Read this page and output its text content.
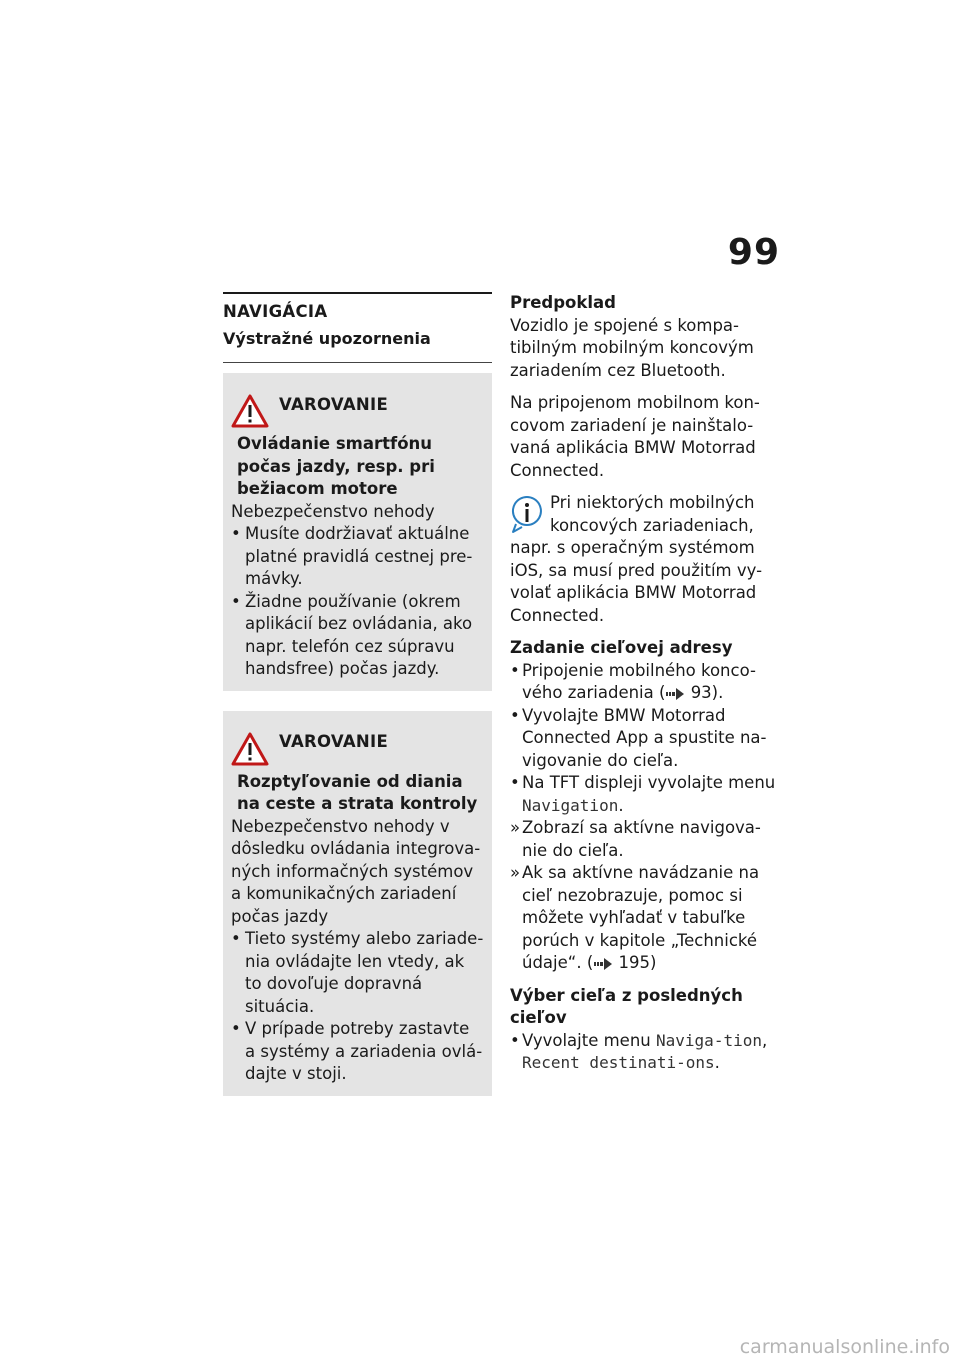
99
NAVIGÁCIA
Výstražné upozornenia
VAROVANIE
Ovládanie smartfónu počas jazdy, resp. pri bežiacom motore
Nebezpečenstvo nehody
• Musíte dodržiavať aktuálne platné pravidlá cestnej pre-mávky.
• Žiadne používanie (okrem aplikácií bez ovládania, ako napr. telefón cez súpravu handsfree) počas jazdy.
VAROVANIE
Rozptyľovanie od diania na ceste a strata kontroly
Nebezpečenstvo nehody v dôsledku ovládania integrova-ných informačných systémov a komunikačných zariadení počas jazdy
• Tieto systémy alebo zariade-nia ovládajte len vtedy, ak to dovoľuje dopravná situácia.
• V prípade potreby zastavte a systémy a zariadenia ovlá-dajte v stoji.
Predpoklad
Vozidlo je spojené s kompa-tibilným mobilným koncovým zariadením cez Bluetooth.
Na pripojenom mobilnom kon-covom zariadení je nainštalo-vaná aplikácia BMW Motorrad Connected.
Pri niektorých mobilných
koncových zariadeniach,
napr. s operačným systémom iOS, sa musí pred použitím vy-volať aplikácia BMW Motorrad Connected.
Zadanie cieľovej adresy
• Pripojenie mobilného konco-vého zariadenia ( 93).
• Vyvolajte BMW Motorrad Connected App a spustite na-vigovanie do cieľa.
• Na TFT displeji vyvolajte menu Navigation.
» Zobrazí sa aktívne navigova-nie do cieľa.
» Ak sa aktívne navádzanie na cieľ nezobrazuje, pomoc si môžete vyhľadať v tabuľke porúch v kapitole „Technické údaje“. ( 195)
Výber cieľa z posledných cieľov
• Vyvolajte menu Naviga-tion, Recent destinati-ons.
carmanualsonline.info
